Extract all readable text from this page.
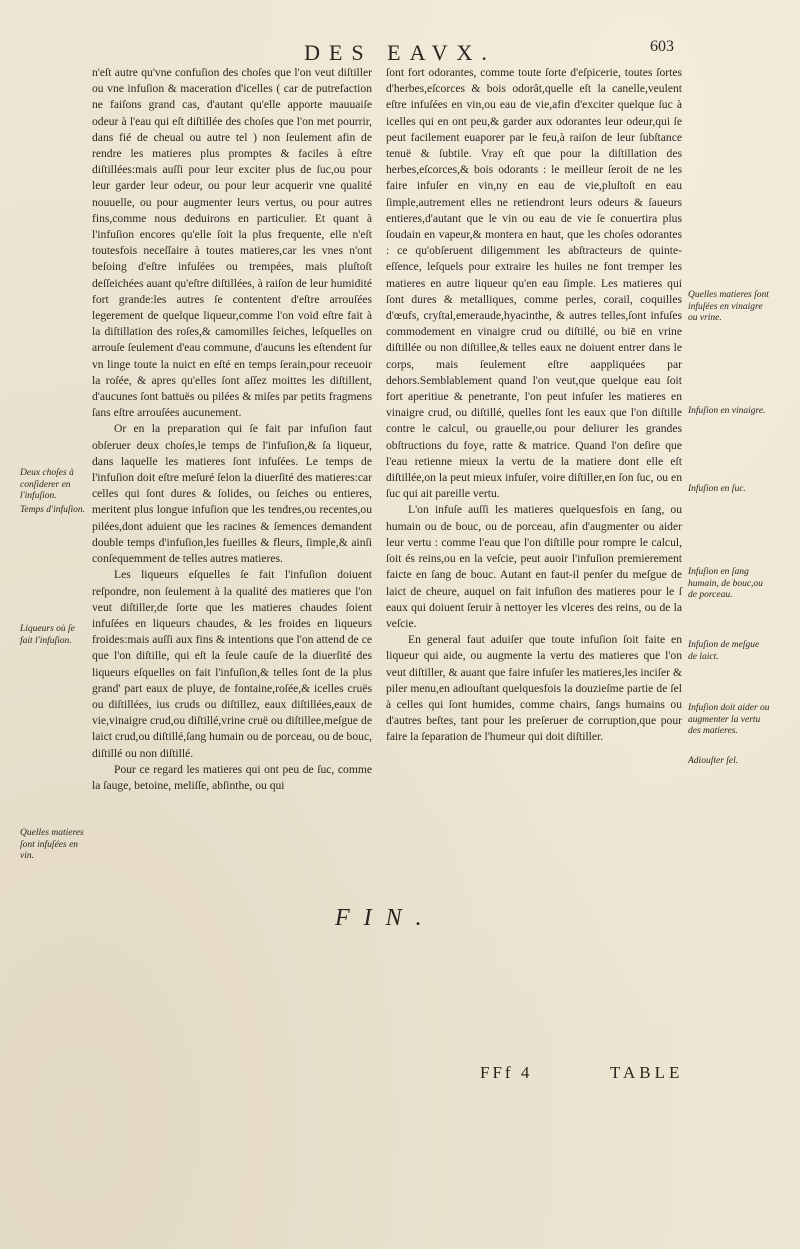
DES EAVX.	603

n'eſt autre qu'vne confuſion des choſes que l'on veut diſtiller ou vne infuſion & maceration d'icelles ( car de putrefaction ne faiſons grand cas, d'autant qu'elle apporte mauuaiſe odeur à l'eau qui eſt diſtillée des choſes que l'on met pourrir, dans fié de cheual ou autre tel ) non ſeulement afin de rendre les matieres plus promptes & faciles à eſtre diſtillées:mais auſſi pour leur exciter plus de ſuc,ou pour leur garder leur odeur, ou pour leur acquerir vne qualité nouuelle, ou pour augmenter leurs vertus, ou pour autres fins,comme nous deduirons en particulier. Et quant à l'infuſion encores qu'elle ſoit la plus frequente, elle n'eſt toutesfois neceſſaire à toutes matieres,car les vnes n'ont beſoing d'eſtre infuſées ou trempées, mais pluſtoſt deſſeichées auant qu'eſtre diſtillées, à raiſon de leur humidité fort grande:les autres ſe contentent d'eſtre arrouſées legerement de quelque liqueur,comme l'on void eſtre fait à la diſtillation des roſes,& camomilles ſeiches, leſquelles on arrouſe ſeulement d'eau commune, d'aucuns les eſtendent ſur vn linge toute la nuict en eſté en temps ſerain,pour receuoir la roſée, & apres qu'elles ſont aſſez moittes les diſtillent, d'aucunes ſont battuës ou pilées & miſes par petits fragmens ſans eſtre arrouſées aucunement.

Or en la preparation qui ſe fait par infuſion faut obſeruer deux choſes,le temps de l'infuſion,& ſa liqueur, dans laquelle les matieres ſont infuſées. Le temps de l'infuſion doit eſtre meſuré ſelon la diuerſité des matieres:car celles qui ſont dures & ſolides, ou ſeiches ou entieres, meritent plus longue infuſion que les tendres,ou recentes,ou pilées,dont aduient que les racines & ſemences demandent double temps d'infuſion,les fueilles & fleurs, ſimple,& ainſi conſequemment de telles autres matieres.

Les liqueurs eſquelles ſe fait l'infuſion doiuent reſpondre, non ſeulement à la qualité des matieres que l'on veut diſtiller,de ſorte que les matieres chaudes ſoient infuſées en liqueurs chaudes, & les froides en liqueurs froides:mais auſſi aux fins & intentions que l'on attend de ce que l'on diſtille, qui eſt la ſeule cauſe de la diuerſité des liqueurs eſquelles on fait l'infuſion,& telles ſont de la plus grand' part eaux de pluye, de fontaine,roſée,& icelles cruës ou diſtillées, ius cruds ou diſtillez, eaux diſtillées,eaux de vie,vinaigre crud,ou diſtillé,vrine cruë ou diſtillee,meſgue de laict crud,ou diſtillé,ſang humain ou de porceau, ou de bouc, diſtillé ou non diſtillé.

Pour ce regard les matieres qui ont peu de ſuc, comme la ſauge, betoine, meliſſe, abſinthe, ou qui

ſont fort odorantes, comme toute ſorte d'eſpicerie, toutes ſortes d'herbes,eſcorces & bois odorât,quelle eſt la canelle,veulent eſtre infuſées en vin,ou eau de vie,afin d'exciter quelque ſuc à icelles qui en ont peu,& garder aux odorantes leur odeur,qui ſe peut facilement euaporer par le feu,à raiſon de leur ſubſtance tenuë & ſubtile. Vray eſt que pour la diſtillation des herbes,eſcorces,& bois odorants : le meilleur ſeroit de ne les faire infuſer en vin,ny en eau de vie,pluſtoſt en eau ſimple,autrement elles ne retiendront leurs odeurs & ſaueurs entieres,d'autant que le vin ou eau de vie ſe conuertira plus ſoudain en vapeur,& montera en haut, que les choſes odorantes : ce qu'obſeruent diligemment les abſtracteurs de quinte-eſſence, leſquels pour extraire les huiles ne font tremper les matieres en autre liqueur qu'en eau ſimple. Les matieres qui ſont dures & metalliques, comme perles, corail, coquilles d'œufs, cryſtal,emeraude,hyacinthe, & autres telles,ſont infuſes commodement en vinaigre crud ou diſtillé, ou biē en vrine diſtillée ou non diſtillee,& telles eaux ne doiuent entrer dans le corps, mais ſeulement eſtre aappliquées par dehors.Semblablement quand l'on veut,que quelque eau ſoit fort aperitiue & penetrante, l'on peut infuſer les matieres en vinaigre crud, ou diſtillé, quelles ſont les eaux que l'on diſtille contre le calcul, ou grauelle,ou pour deliurer les grandes obſtructions du foye, ratte & matrice. Quand l'on deſire que l'eau retienne mieux la vertu de la matiere dont elle eſt diſtillée,on la peut mieux infuſer, voire diſtiller,en ſon ſuc, ou en ſuc qui ait pareille vertu.

L'on infuſe auſſi les matieres quelquesfois en ſang, ou humain ou de bouc, ou de porceau, afin d'augmenter ou aider leur vertu : comme l'eau que l'on diſtille pour rompre le calcul, ſoit és reins,ou en la veſcie, peut auoir l'infuſion premierement faicte en ſang de bouc. Autant en faut-il penſer du meſgue de laict de cheure, auquel on fait infuſion des matieres pour le ſ eaux qui doiuent ſeruir à nettoyer les vlceres des reins, ou de la veſcie.

En general faut aduiſer que toute infuſion ſoit faite en liqueur qui aide, ou augmente la vertu des matieres que l'on veut diſtiller, & auant que faire infuſer les matieres,les inciſer & piler menu,en adiouſtant quelquesfois la douzieſme partie de ſel à celles qui ſont humides, comme chairs, ſangs humains ou d'autres beſtes, tant pour les preſeruer de corruption,que pour faire la ſeparation de l'humeur qui doit diſtiller.

Deux choſes à conſiderer en l'infuſion.
Temps d'infuſion.
Liqueurs où ſe fait l'infuſion.
Quelles matieres ſont infuſées en vin.
Quelles matieres ſont infuſées en vinaigre ou vrine.
Infuſion en vinaigre.
Infuſion en ſuc.
Infuſion en ſang humain, de bouc,ou de porceau.
Infuſion de meſgue de laict.
Infuſion doit aider ou augmenter la vertu des matieres.
Adiouſter ſel.
FIN.
FFf 4	TABLE
